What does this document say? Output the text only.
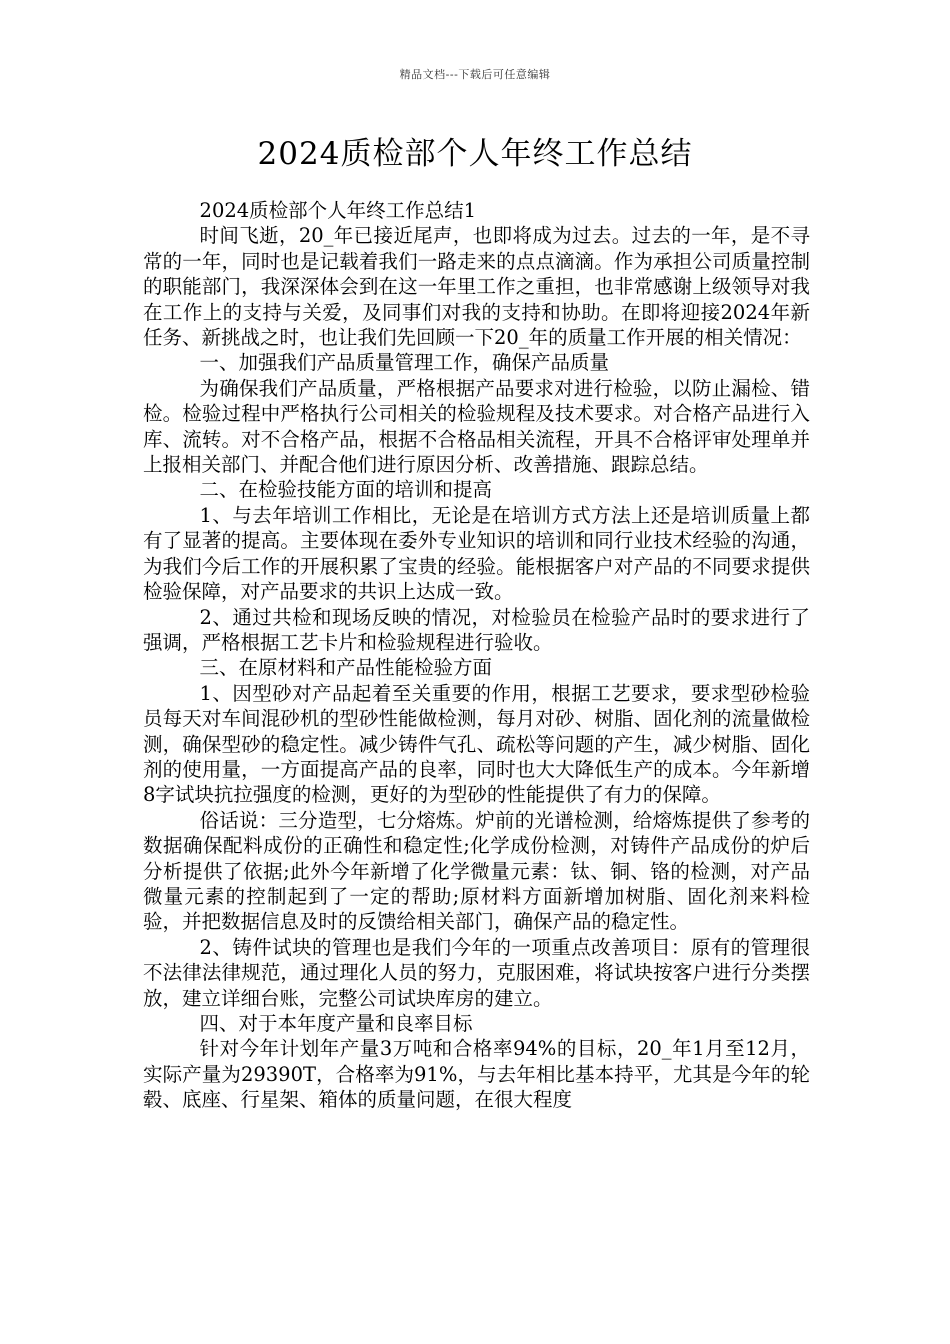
精品文档---下载后可任意编辑
2024质检部个人年终工作总结

2024质检部个人年终工作总结1

时间飞逝，20_年已接近尾声，也即将成为过去。过去的一年，是不寻常的一年，同时也是记载着我们一路走来的点点滴滴。作为承担公司质量控制的职能部门，我深深体会到在这一年里工作之重担，也非常感谢上级领导对我在工作上的支持与关爱，及同事们对我的支持和协助。在即将迎接2024年新任务、新挑战之时，也让我们先回顾一下20_年的质量工作开展的相关情况：

一、加强我们产品质量管理工作，确保产品质量

为确保我们产品质量，严格根据产品要求对进行检验，以防止漏检、错检。检验过程中严格执行公司相关的检验规程及技术要求。对合格产品进行入库、流转。对不合格产品，根据不合格品相关流程，开具不合格评审处理单并上报相关部门、并配合他们进行原因分析、改善措施、跟踪总结。

二、在检验技能方面的培训和提高

1、与去年培训工作相比，无论是在培训方式方法上还是培训质量上都有了显著的提高。主要体现在委外专业知识的培训和同行业技术经验的沟通，为我们今后工作的开展积累了宝贵的经验。能根据客户对产品的不同要求提供检验保障，对产品要求的共识上达成一致。

2、通过共检和现场反映的情况，对检验员在检验产品时的要求进行了强调，严格根据工艺卡片和检验规程进行验收。

三、在原材料和产品性能检验方面

1、因型砂对产品起着至关重要的作用，根据工艺要求，要求型砂检验员每天对车间混砂机的型砂性能做检测，每月对砂、树脂、固化剂的流量做检测，确保型砂的稳定性。减少铸件气孔、疏松等问题的产生，减少树脂、固化剂的使用量，一方面提高产品的良率，同时也大大降低生产的成本。今年新增8字试块抗拉强度的检测，更好的为型砂的性能提供了有力的保障。

俗话说：三分造型，七分熔炼。炉前的光谱检测，给熔炼提供了参考的数据确保配料成份的正确性和稳定性;化学成份检测，对铸件产品成份的炉后分析提供了依据;此外今年新增了化学微量元素：钛、铜、铬的检测，对产品微量元素的控制起到了一定的帮助;原材料方面新增加树脂、固化剂来料检验，并把数据信息及时的反馈给相关部门，确保产品的稳定性。

2、铸件试块的管理也是我们今年的一项重点改善项目：原有的管理很不法律法律规范，通过理化人员的努力，克服困难，将试块按客户进行分类摆放，建立详细台账，完整公司试块库房的建立。

四、对于本年度产量和良率目标

针对今年计划年产量3万吨和合格率94%的目标，20_年1月至12月，实际产量为29390T，合格率为91%，与去年相比基本持平，尤其是今年的轮毂、底座、行星架、箱体的质量问题，在很大程度
